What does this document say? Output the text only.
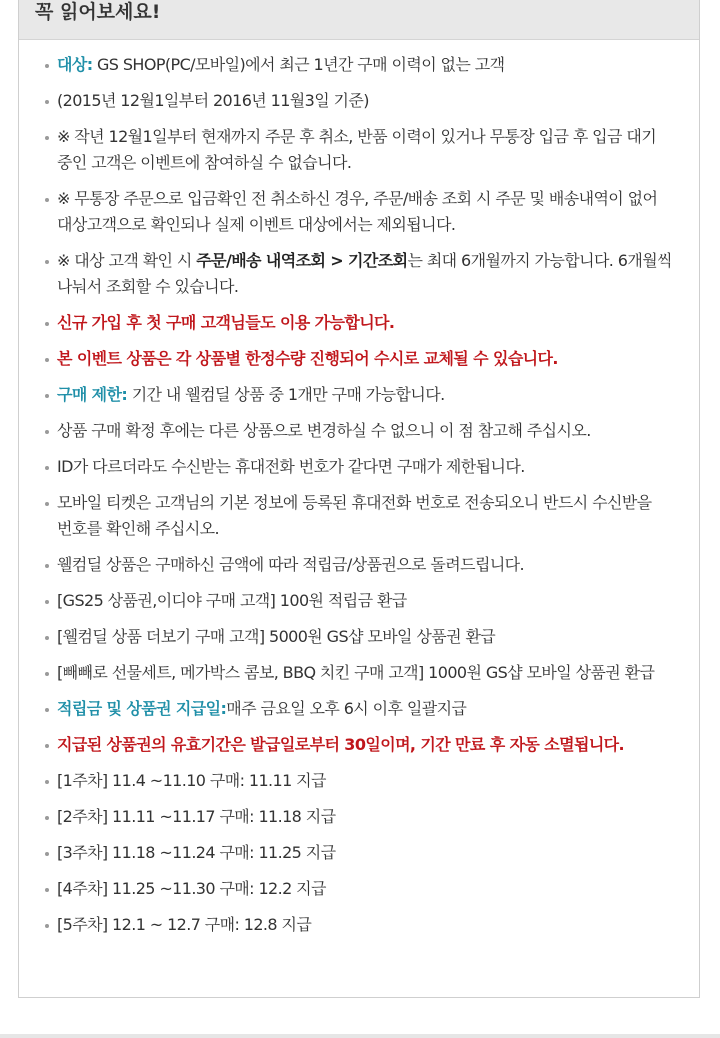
꼭 읽어보세요!
대상: GS SHOP(PC/모바일)에서 최근 1년간 구매 이력이 없는 고객
(2015년 12월1일부터 2016년 11월3일 기준)
※ 작년 12월1일부터 현재까지 주문 후 취소, 반품 이력이 있거나 무통장 입금 후 입금 대기 중인 고객은 이벤트에 참여하실 수 없습니다.
※ 무통장 주문으로 입금확인 전 취소하신 경우, 주문/배송 조회 시 주문 및 배송내역이 없어 대상고객으로 확인되나 실제 이벤트 대상에서는 제외됩니다.
※ 대상 고객 확인 시 주문/배송 내역조회 > 기간조회는 최대 6개월까지 가능합니다. 6개월씩 나눠서 조회할 수 있습니다.
신규 가입 후 첫 구매 고객님들도 이용 가능합니다.
본 이벤트 상품은 각 상품별 한정수량 진행되어 수시로 교체될 수 있습니다.
구매 제한: 기간 내 웰컴딜 상품 중 1개만 구매 가능합니다.
상품 구매 확정 후에는 다른 상품으로 변경하실 수 없으니 이 점 참고해 주십시오.
ID가 다르더라도 수신받는 휴대전화 번호가 같다면 구매가 제한됩니다.
모바일 티켓은 고객님의 기본 정보에 등록된 휴대전화 번호로 전송되오니 반드시 수신받을 번호를 확인해 주십시오.
웰컴딜 상품은 구매하신 금액에 따라 적립금/상품권으로 돌려드립니다.
[GS25 상품권,이디야 구매 고객] 100원 적립금 환급
[웰컴딜 상품 더보기 구매 고객] 5000원 GS샵 모바일 상품권 환급
[빼빼로 선물세트, 메가박스 콤보, BBQ 치킨 구매 고객] 1000원 GS샵 모바일 상품권 환급
적립금 및 상품권 지급일:매주 금요일 오후 6시 이후 일괄지급
지급된 상품권의 유효기간은 발급일로부터 30일이며, 기간 만료 후 자동 소멸됩니다.
[1주차] 11.4 ~11.10 구매: 11.11 지급
[2주차] 11.11 ~11.17 구매: 11.18 지급
[3주차] 11.18 ~11.24 구매: 11.25 지급
[4주차] 11.25 ~11.30 구매: 12.2 지급
[5주차] 12.1 ~ 12.7 구매: 12.8 지급
